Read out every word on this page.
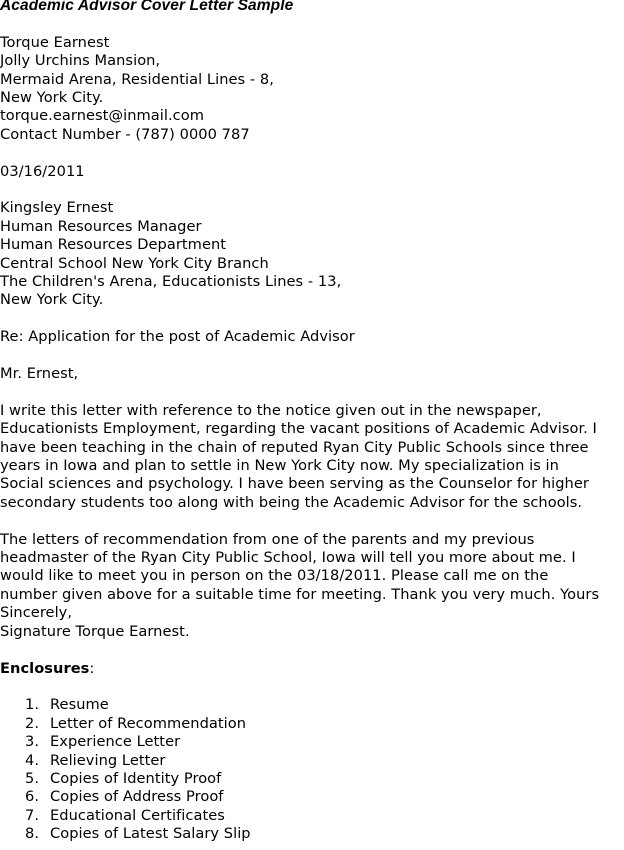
Academic Advisor Cover Letter Sample
Torque Earnest
Jolly Urchins Mansion,
Mermaid Arena, Residential Lines - 8,
New York City.
torque.earnest@inmail.com
Contact Number - (787) 0000 787
03/16/2011
Kingsley Ernest
Human Resources Manager
Human Resources Department
Central School New York City Branch
The Children's Arena, Educationists Lines - 13,
New York City.
Re: Application for the post of Academic Advisor
Mr. Ernest,
I write this letter with reference to the notice given out in the newspaper,
Educationists Employment, regarding the vacant positions of Academic Advisor. I
have been teaching in the chain of reputed Ryan City Public Schools since three
years in Iowa and plan to settle in New York City now. My specialization is in
Social sciences and psychology. I have been serving as the Counselor for higher
secondary students too along with being the Academic Advisor for the schools.
The letters of recommendation from one of the parents and my previous
headmaster of the Ryan City Public School, Iowa will tell you more about me. I
would like to meet you in person on the 03/18/2011. Please call me on the
number given above for a suitable time for meeting. Thank you very much. Yours
Sincerely,
Signature Torque Earnest.
Enclosures:
1. Resume
2. Letter of Recommendation
3. Experience Letter
4. Relieving Letter
5. Copies of Identity Proof
6. Copies of Address Proof
7. Educational Certificates
8. Copies of Latest Salary Slip
